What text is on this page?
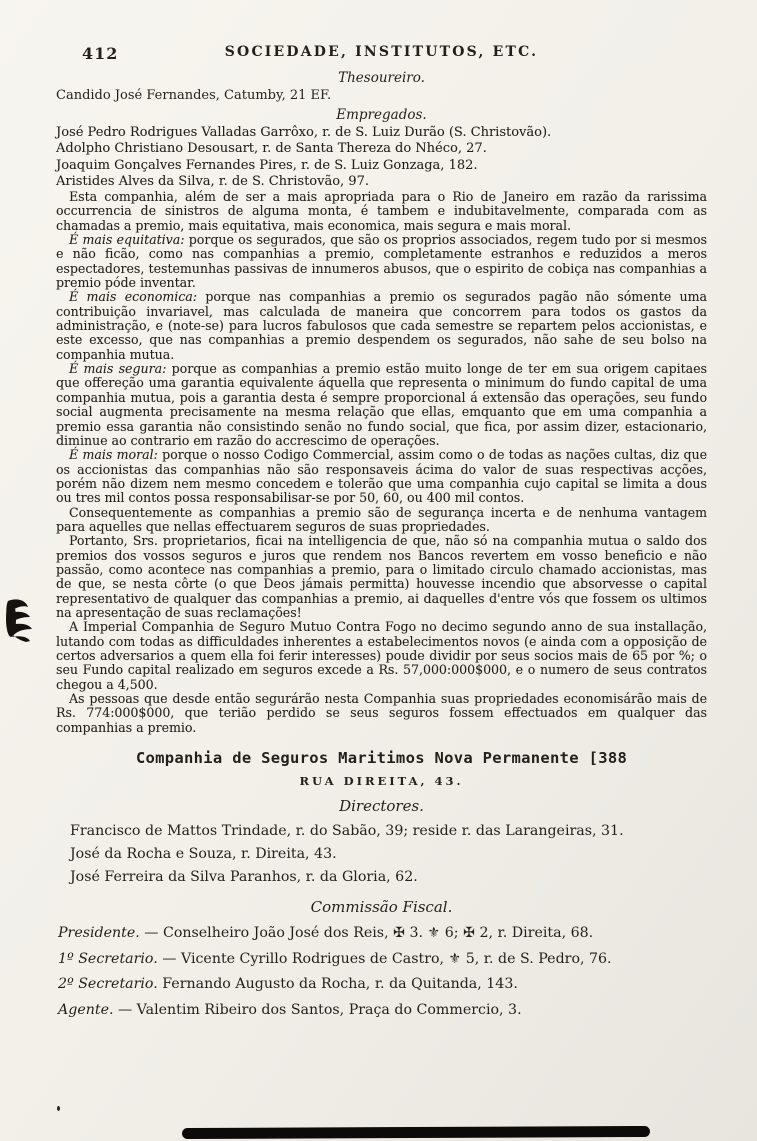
412	SOCIEDADE, INSTITUTOS, ETC.
Thesoureiro.
Candido José Fernandes, Catumby, 21 EF.
Empregados.
José Pedro Rodrigues Valladas Garrôxo, r. de S. Luiz Durão (S. Christovão).
Adolpho Christiano Desousart, r. de Santa Thereza do Nhéco, 27.
Joaquim Gonçalves Fernandes Pires, r. de S. Luiz Gonzaga, 182.
Aristides Alves da Silva, r. de S. Christovão, 97.

Esta companhia, além de ser a mais apropriada para o Rio de Janeiro em razão da rarissima occurrencia de sinistros de alguma monta, é tambem e indubitavelmente, comparada com as chamadas a premio, mais equitativa, mais economica, mais segura e mais moral.

É mais equitativa: porque os segurados, que são os proprios associados, regem tudo por si mesmos e não ficão, como nas companhias a premio, completamente estranhos e reduzidos a meros espectadores, testemunhas passivas de innumeros abusos, que o espirito de cobiça nas companhias a premio póde inventar.

É mais economica: porque nas companhias a premio os segurados pagão não sómente uma contribuição invariavel, mas calculada de maneira que concorrem para todos os gastos da administração, e (note-se) para lucros fabulosos que cada semestre se repartem pelos accionistas, e este excesso, que nas companhias a premio despendem os segurados, não sahe de seu bolso na companhia mutua.

É mais segura: porque as companhias a premio estão muito longe de ter em sua origem capitaes que offereção uma garantia equivalente áquella que representa o minimum do fundo capital de uma companhia mutua, pois a garantia desta é sempre proporcional á extensão das operações, seu fundo social augmenta precisamente na mesma relação que ellas, emquanto que em uma companhia a premio essa garantia não consistindo senão no fundo social, que fica, por assim dizer, estacionario, diminue ao contrario em razão do accrescimo de operações.

É mais moral: porque o nosso Codigo Commercial, assim como o de todas as nações cultas, diz que os accionistas das companhias não são responsaveis ácima do valor de suas respectivas acções, porém não dizem nem mesmo concedem e tolerão que uma companhia cujo capital se limita a dous ou tres mil contos possa responsabilisar-se por 50, 60, ou 400 mil contos.

Consequentemente as companhias a premio são de segurança incerta e de nenhuma vantagem para aquelles que nellas effectuarem seguros de suas propriedades.

Portanto, Srs. proprietarios, ficai na intelligencia de que, não só na companhia mutua o saldo dos premios dos vossos seguros e juros que rendem nos Bancos revertem em vosso beneficio e não passão, como acontece nas companhias a premio, para o limitado circulo chamado accionistas, mas de que, se nesta côrte (o que Deos jámais permitta) houvesse incendio que absorvesse o capital representativo de qualquer das companhias a premio, ai daquelles d'entre vós que fossem os ultimos na apresentação de suas reclamações!

A Imperial Companhia de Seguro Mutuo Contra Fogo no decimo segundo anno de sua installação, lutando com todas as difficuldades inherentes a estabelecimentos novos (e ainda com a opposição de certos adversarios a quem ella foi ferir interesses) poude dividir por seus socios mais de 65 por %; o seu Fundo capital realizado em seguros excede a Rs. 57,000:000$000, e o numero de seus contratos chegou a 4,500.

As pessoas que desde então segurárão nesta Companhia suas propriedades economisárão mais de Rs. 774:000$000, que terião perdido se seus seguros fossem effectuados em qualquer das companhias a premio.

Companhia de Seguros Maritimos Nova Permanente [388
RUA DIREITA, 43.
Directores.
Francisco de Mattos Trindade, r. do Sabão, 39; reside r. das Larangeiras, 31.
José da Rocha e Souza, r. Direita, 43.
José Ferreira da Silva Paranhos, r. da Gloria, 62.
Commissão Fiscal.
Presidente. — Conselheiro João José dos Reis, ✠ 3. ⚜ 6; ✠ 2, r. Direita, 68.
1º Secretario. — Vicente Cyrillo Rodrigues de Castro, ⚜ 5, r. de S. Pedro, 76.
2º Secretario. Fernando Augusto da Rocha, r. da Quitanda, 143.
Agente. — Valentim Ribeiro dos Santos, Praça do Commercio, 3.
